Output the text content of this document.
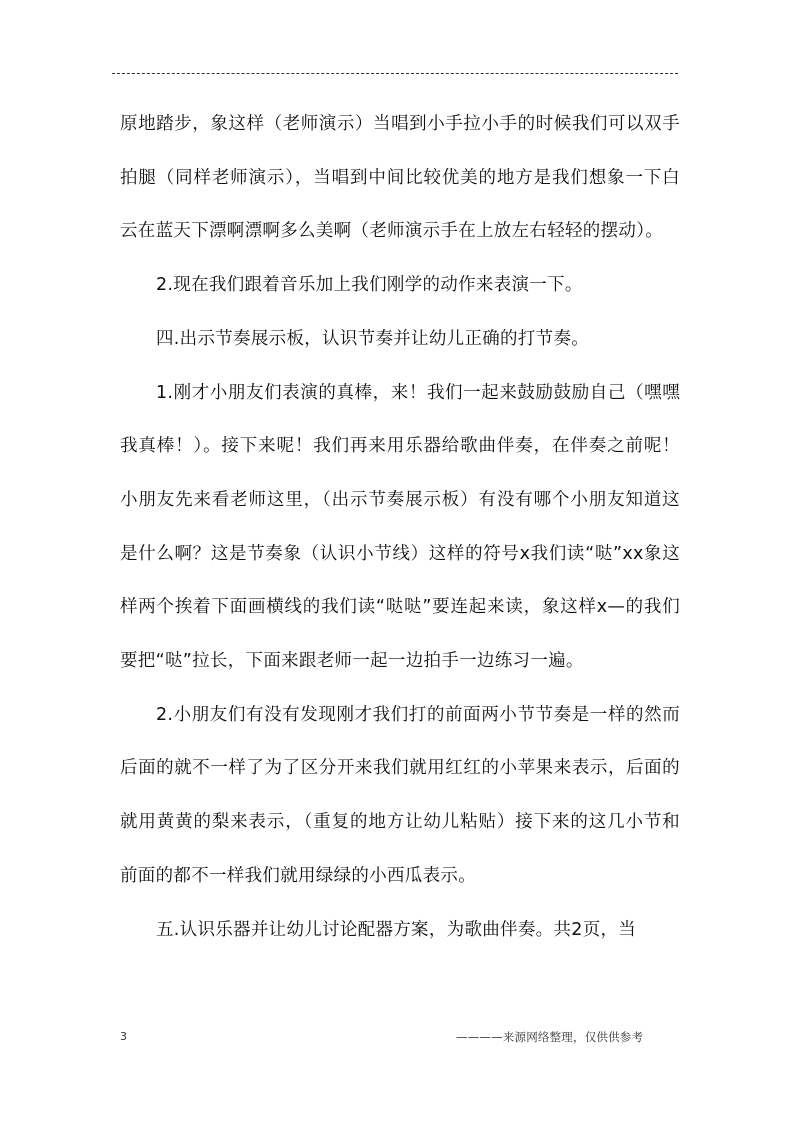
原地踏步，象这样（老师演示）当唱到小手拉小手的时候我们可以双手拍腿（同样老师演示），当唱到中间比较优美的地方是我们想象一下白云在蓝天下漂啊漂啊多么美啊（老师演示手在上放左右轻轻的摆动）。

2.现在我们跟着音乐加上我们刚学的动作来表演一下。

四.出示节奏展示板，认识节奏并让幼儿正确的打节奏。

1.刚才小朋友们表演的真棒，来！我们一起来鼓励鼓励自己（嘿嘿我真棒！）。接下来呢！我们再来用乐器给歌曲伴奏，在伴奏之前呢！小朋友先来看老师这里，（出示节奏展示板）有没有哪个小朋友知道这是什么啊？这是节奏象（认识小节线）这样的符号x我们读“哒”xx象这样两个挨着下面画横线的我们读“哒哒”要连起来读，象这样x—的我们要把“哒”拉长，下面来跟老师一起一边拍手一边练习一遍。

2.小朋友们有没有发现刚才我们打的前面两小节节奏是一样的然而后面的就不一样了为了区分开来我们就用红红的小苹果来表示，后面的就用黄黄的梨来表示，（重复的地方让幼儿粘贴）接下来的这几小节和前面的都不一样我们就用绿绿的小西瓜表示。

五.认识乐器并让幼儿讨论配器方案，为歌曲伴奏。共2页，当

3	————来源网络整理，仅供供参考
